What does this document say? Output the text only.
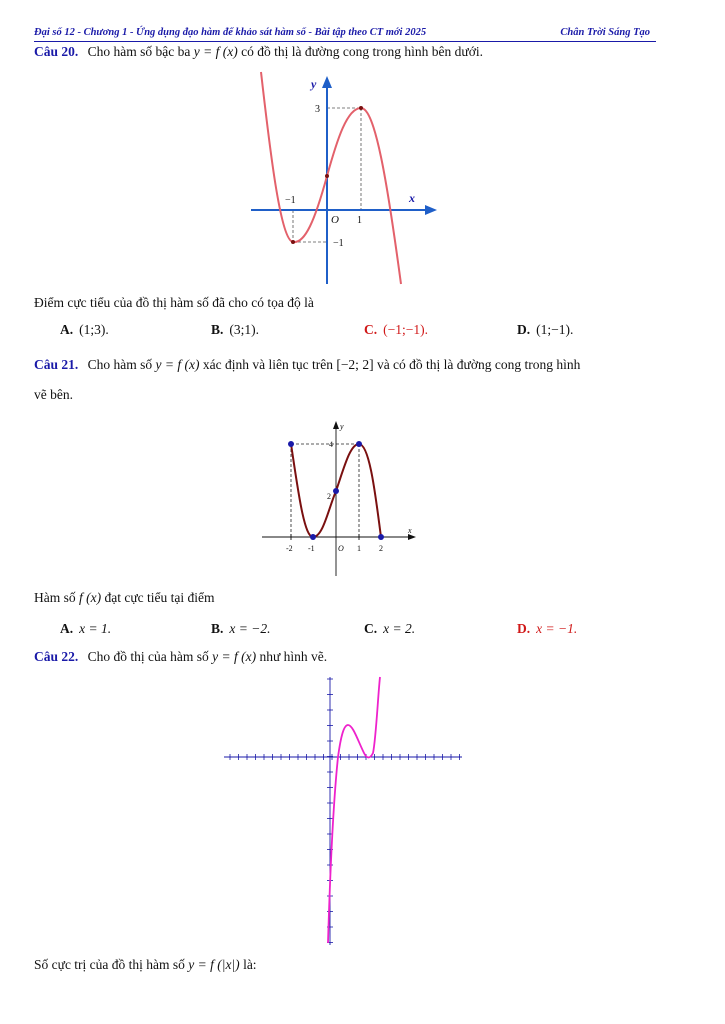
Đại số 12 - Chương 1 - Ứng dụng đạo hàm để khảo sát hàm số - Bài tập theo CT mới 2025	Chân Trời Sáng Tạo
Câu 20. Cho hàm số bậc ba y = f (x) có đồ thị là đường cong trong hình bên dưới.
y
x
O
3
−1
1
−1
Điểm cực tiểu của đồ thị hàm số đã cho có tọa độ là
A. (1;3).	B. (3;1).	C. (−1;−1).	D. (1;−1).
Câu 21. Cho hàm số y = f (x) xác định và liên tục trên [−2; 2] và có đồ thị là đường cong trong hình
vẽ bên.
y
x
O
4
2
-2 -1	1 2
Hàm số f (x) đạt cực tiểu tại điểm
A. x = 1.	B. x = −2.	C. x = 2.	D. x = −1.
Câu 22. Cho đồ thị của hàm số y = f (x) như hình vẽ.
Số cực trị của đồ thị hàm số y = f (|x|) là:
